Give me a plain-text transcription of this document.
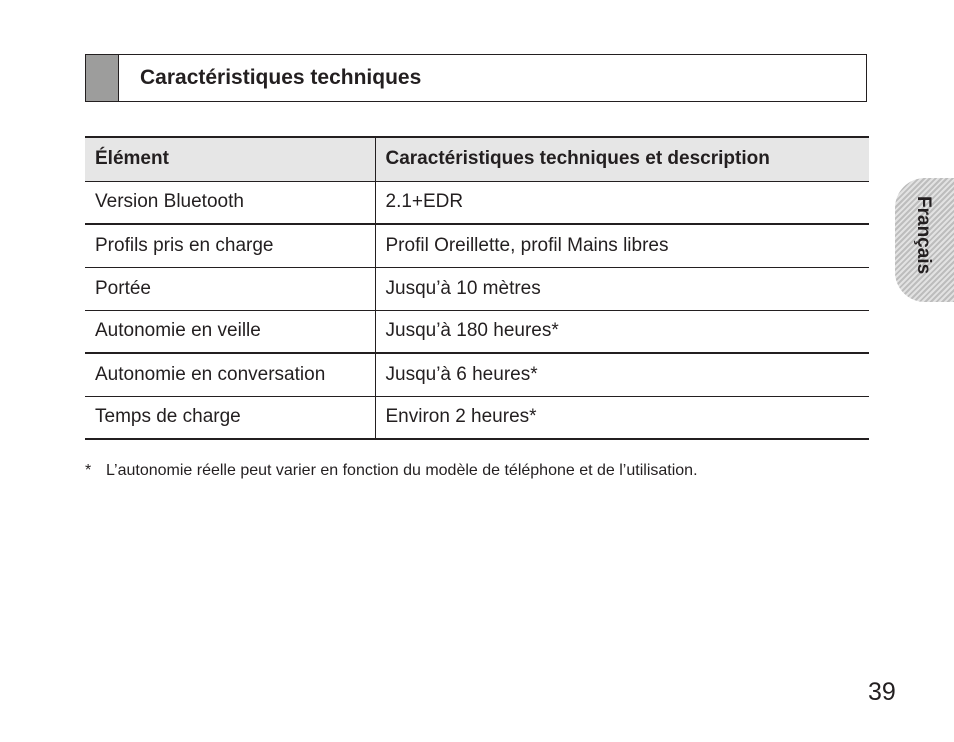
Caractéristiques techniques
Élément	Caractéristiques techniques et description
Version Bluetooth	2.1+EDR
Profils pris en charge	Profil Oreillette, profil Mains libres
Portée	Jusqu’à 10 mètres
Autonomie en veille	Jusqu’à 180 heures*
Autonomie en conversation	Jusqu’à 6 heures*
Temps de charge	Environ 2 heures*
* L’autonomie réelle peut varier en fonction du modèle de téléphone et de l’utilisation.
Français
39
